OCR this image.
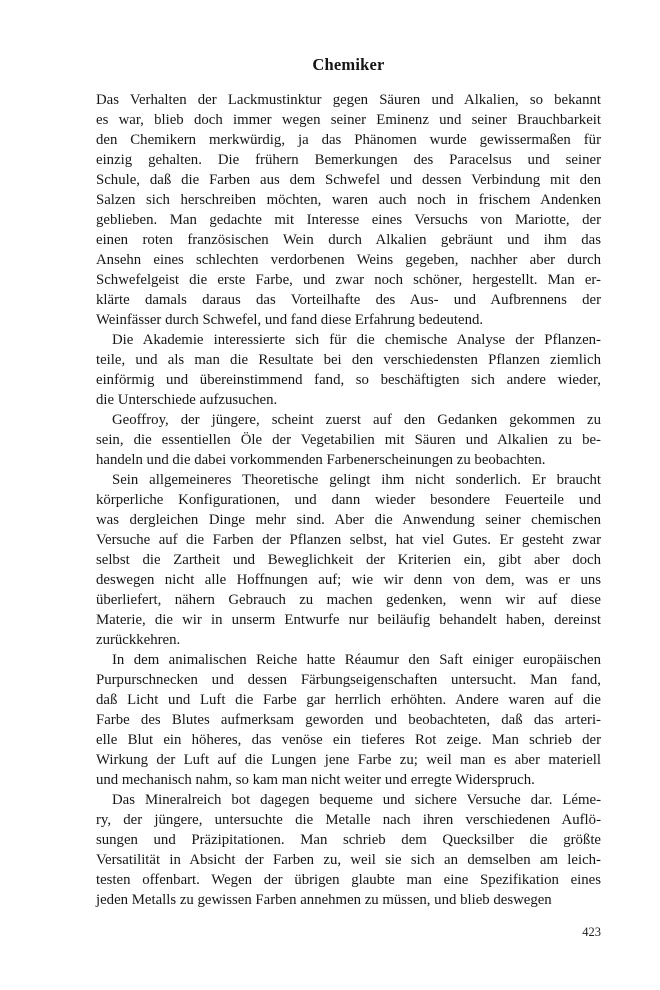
Chemiker
Das Verhalten der Lackmustinktur gegen Säuren und Alkalien, so bekannt
es war, blieb doch immer wegen seiner Eminenz und seiner Brauchbarkeit
den Chemikern merkwürdig, ja das Phänomen wurde gewissermaßen für
einzig gehalten. Die frühern Bemerkungen des Paracelsus und seiner
Schule, daß die Farben aus dem Schwefel und dessen Verbindung mit den
Salzen sich herschreiben möchten, waren auch noch in frischem Andenken
geblieben. Man gedachte mit Interesse eines Versuchs von Mariotte, der
einen roten französischen Wein durch Alkalien gebräunt und ihm das
Ansehn eines schlechten verdorbenen Weins gegeben, nachher aber durch
Schwefelgeist die erste Farbe, und zwar noch schöner, hergestellt. Man er-
klärte damals daraus das Vorteilhafte des Aus- und Aufbrennens der
Weinfässer durch Schwefel, und fand diese Erfahrung bedeutend.
Die Akademie interessierte sich für die chemische Analyse der Pflanzen-
teile, und als man die Resultate bei den verschiedensten Pflanzen ziemlich
einförmig und übereinstimmend fand, so beschäftigten sich andere wieder,
die Unterschiede aufzusuchen.
Geoffroy, der jüngere, scheint zuerst auf den Gedanken gekommen zu
sein, die essentiellen Öle der Vegetabilien mit Säuren und Alkalien zu be-
handeln und die dabei vorkommenden Farbenerscheinungen zu beobachten.
Sein allgemeineres Theoretische gelingt ihm nicht sonderlich. Er braucht
körperliche Konfigurationen, und dann wieder besondere Feuerteile und
was dergleichen Dinge mehr sind. Aber die Anwendung seiner chemischen
Versuche auf die Farben der Pflanzen selbst, hat viel Gutes. Er gesteht zwar
selbst die Zartheit und Beweglichkeit der Kriterien ein, gibt aber doch
deswegen nicht alle Hoffnungen auf; wie wir denn von dem, was er uns
überliefert, nähern Gebrauch zu machen gedenken, wenn wir auf diese
Materie, die wir in unserm Entwurfe nur beiläufig behandelt haben, dereinst
zurückkehren.
In dem animalischen Reiche hatte Réaumur den Saft einiger europäischen
Purpurschnecken und dessen Färbungseigenschaften untersucht. Man fand,
daß Licht und Luft die Farbe gar herrlich erhöhten. Andere waren auf die
Farbe des Blutes aufmerksam geworden und beobachteten, daß das arteri-
elle Blut ein höheres, das venöse ein tieferes Rot zeige. Man schrieb der
Wirkung der Luft auf die Lungen jene Farbe zu; weil man es aber materiell
und mechanisch nahm, so kam man nicht weiter und erregte Widerspruch.
Das Mineralreich bot dagegen bequeme und sichere Versuche dar. Léme-
ry, der jüngere, untersuchte die Metalle nach ihren verschiedenen Auflö-
sungen und Präzipitationen. Man schrieb dem Quecksilber die größte
Versatilität in Absicht der Farben zu, weil sie sich an demselben am leich-
testen offenbart. Wegen der übrigen glaubte man eine Spezifikation eines
jeden Metalls zu gewissen Farben annehmen zu müssen, und blieb deswegen
423
